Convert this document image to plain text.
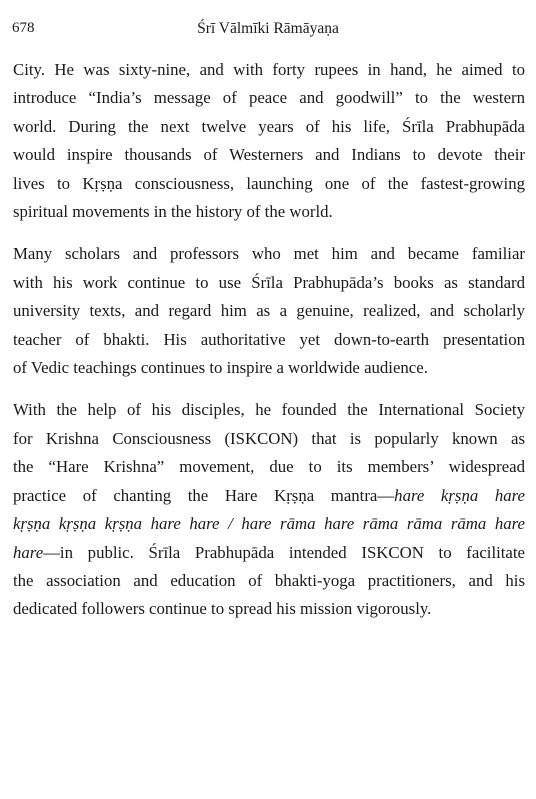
678	Śrī Vālmīki Rāmāyaṇa

City. He was sixty-nine, and with forty rupees in hand, he aimed to
introduce “India’s message of peace and goodwill” to the western
world. During the next twelve years of his life, Śrīla Prabhupāda
would inspire thousands of Westerners and Indians to devote their
lives to Kṛṣṇa consciousness, launching one of the fastest-growing
spiritual movements in the history of the world.

Many scholars and professors who met him and became familiar
with his work continue to use Śrīla Prabhupāda’s books as standard
university texts, and regard him as a genuine, realized, and scholarly
teacher of bhakti. His authoritative yet down-to-earth presentation
of Vedic teachings continues to inspire a worldwide audience.

With the help of his disciples, he founded the International Society
for Krishna Consciousness (ISKCON) that is popularly known as
the “Hare Krishna” movement, due to its members’ widespread
practice of chanting the Hare Kṛṣṇa mantra—hare kṛṣṇa hare
kṛṣṇa kṛṣṇa kṛṣṇa hare hare / hare rāma hare rāma rāma rāma hare
hare—in public. Śrīla Prabhupāda intended ISKCON to facilitate
the association and education of bhakti-yoga practitioners, and his
dedicated followers continue to spread his mission vigorously.
